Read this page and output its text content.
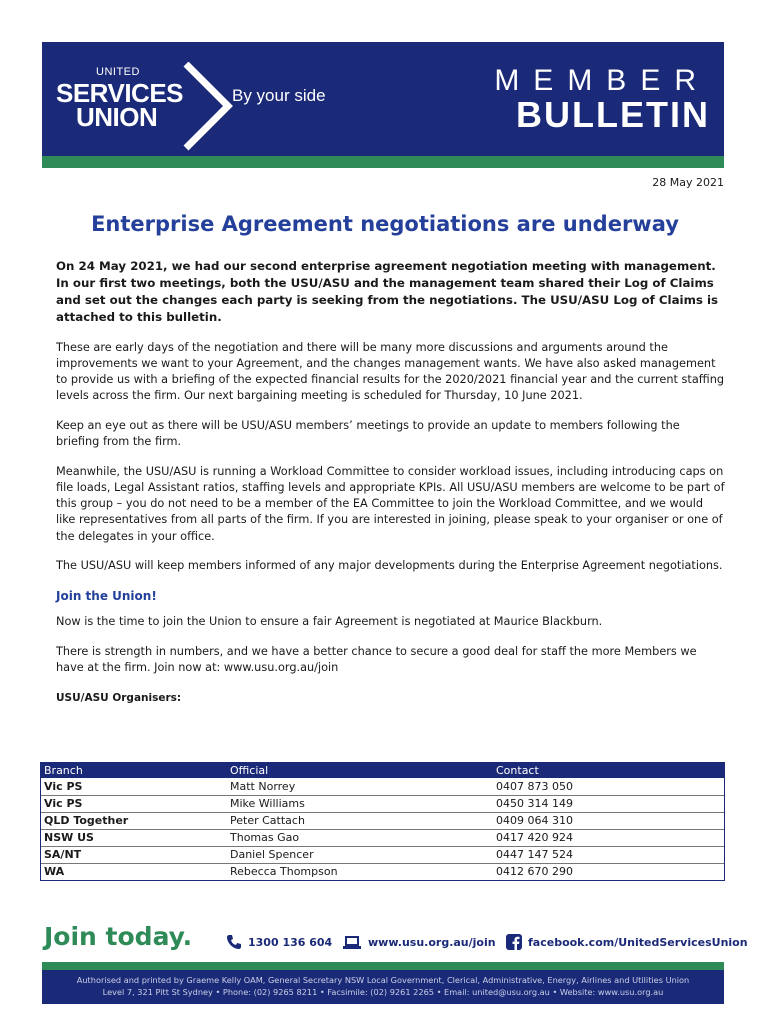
UNITED
SERVICES
UNION
By your side	MEMBER
BULLETIN
28 May 2021
Enterprise Agreement negotiations are underway

On 24 May 2021, we had our second enterprise agreement negotiation meeting with management. In our first two meetings, both the USU/ASU and the management team shared their Log of Claims and set out the changes each party is seeking from the negotiations. The USU/ASU Log of Claims is attached to this bulletin.

These are early days of the negotiation and there will be many more discussions and arguments around the improvements we want to your Agreement, and the changes management wants. We have also asked management to provide us with a briefing of the expected financial results for the 2020/2021 financial year and the current staffing levels across the firm. Our next bargaining meeting is scheduled for Thursday, 10 June 2021.

Keep an eye out as there will be USU/ASU members’ meetings to provide an update to members following the briefing from the firm.

Meanwhile, the USU/ASU is running a Workload Committee to consider workload issues, including introducing caps on file loads, Legal Assistant ratios, staffing levels and appropriate KPIs. All USU/ASU members are welcome to be part of this group – you do not need to be a member of the EA Committee to join the Workload Committee, and we would like representatives from all parts of the firm. If you are interested in joining, please speak to your organiser or one of the delegates in your office.

The USU/ASU will keep members informed of any major developments during the Enterprise Agreement negotiations.

Join the Union!

Now is the time to join the Union to ensure a fair Agreement is negotiated at Maurice Blackburn.

There is strength in numbers, and we have a better chance to secure a good deal for staff the more Members we have at the firm. Join now at: www.usu.org.au/join

USU/ASU Organisers:
Branch	Official	Contact
Vic PS	Matt Norrey	0407 873 050
Vic PS	Mike Williams	0450 314 149
QLD Together	Peter Cattach	0409 064 310
NSW US	Thomas Gao	0417 420 924
SA/NT	Daniel Spencer	0447 147 524
WA	Rebecca Thompson	0412 670 290
Join today.	1300 136 604	www.usu.org.au/join	facebook.com/UnitedServicesUnion
Authorised and printed by Graeme Kelly OAM, General Secretary NSW Local Government, Clerical, Administrative, Energy, Airlines and Utilities Union
Level 7, 321 Pitt St Sydney • Phone: (02) 9265 8211 • Facsimile: (02) 9261 2265 • Email: united@usu.org.au • Website: www.usu.org.au
